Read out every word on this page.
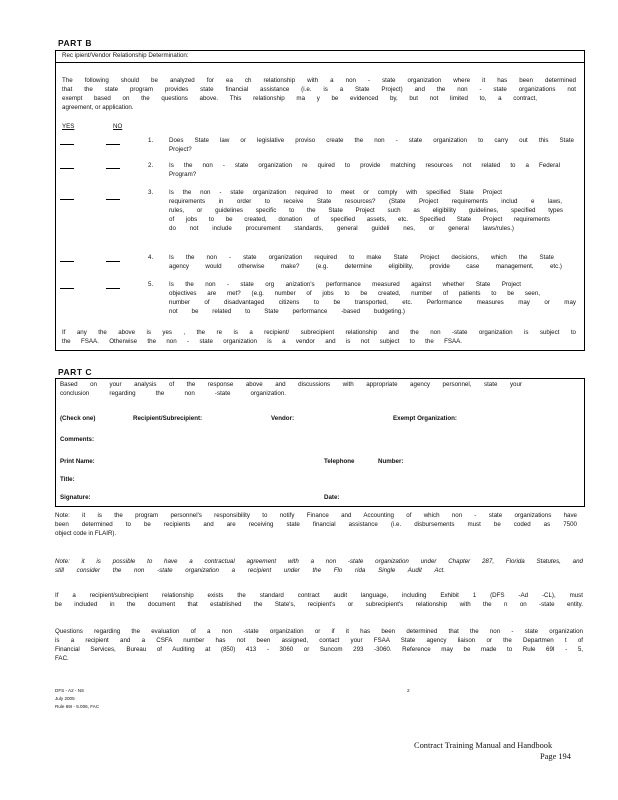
PART B
Rec ipient/Vendor Relationship Determination:
The following should be analyzed for ea ch relationship with a non - state organization where it has been determined
that the state program provides state financial assistance (i.e. is a State Project) and the non - state organizations not
exempt based on the questions above. This relationship ma y be evidenced by, but not limited to, a contract,
agreement, or application.
YES	NO
1.	Does State law or legislative proviso create the non - state organization to carry out this State
Project?
2.	Is the non - state organization re quired to provide matching resources not related to a Federal
Program?
3.	Is the non - state organization required to meet or comply with specified State Project
requirements in order to receive State resources? (State Project requirements includ e laws,
rules, or guidelines specific to the State Project such as eligibility guidelines, specified types
of jobs to be created, donation of specified assets, etc. Specified State Project requirements
do not include procurement standards, general guideli nes, or general laws/rules.)
4.	Is the non - state organization required to make State Project decisions, which the State
agency would otherwise make? (e.g. determine eligibility, provide case management, etc.)
5.	Is the non - state org anization's performance measured against whether State Project
objectives are met? (e.g. number of jobs to be created, number of patients to be seen,
number of disadvantaged citizens to be transported, etc. Performance measures may or may
not be related to State performance -based budgeting.)
If any the above is yes , the re is a recipient/ subrecipient relationship and the non -state organization is subject to
the FSAA. Otherwise the non - state organization is a vendor and is not subject to the FSAA.
PART C
Based on your analysis of the response above and discussions with appropriate agency personnel, state your
conclusion regarding the non -state organization.
(Check one)	Recipient/Subrecipient:	Vendor:	Exempt Organization:
Comments:
Print Name:	Telephone	Number:
Title:
Signature:	Date:
Note: it is the program personnel's responsibility to notify Finance and Accounting of which non - state organizations have
been determined to be recipients and are receiving state financial assistance (i.e. disbursements must be coded as 7500
object code in FLAIR).
Note: it is possible to have a contractual agreement with a non -state organization under Chapter 287, Florida Statutes, and
still consider the non -state organization a recipient under the Flo rida Single Audit Act.
If a recipient/subrecipient relationship exists the standard contract audit language, including Exhibit 1 (DFS -Ad -CL), must
be included in the document that established the State's, recipient's or subrecipient's relationship with the n on -state entity.
Questions regarding the evaluation of a non -state organization or if it has been determined that the non - state organization
is a recipient and a CSFA number has not been assigned, contact your FSAA State agency liaison or the Departmen t of
Financial Services, Bureau of Auditing at (850) 413 - 3060 or Suncom 293 -3060. Reference may be made to Rule 69I - 5,
FAC.
DFS - A2 - NS
July 2005
Rule 69I - 5.006, FAC
2
Contract Training Manual and Handbook
Page 194
